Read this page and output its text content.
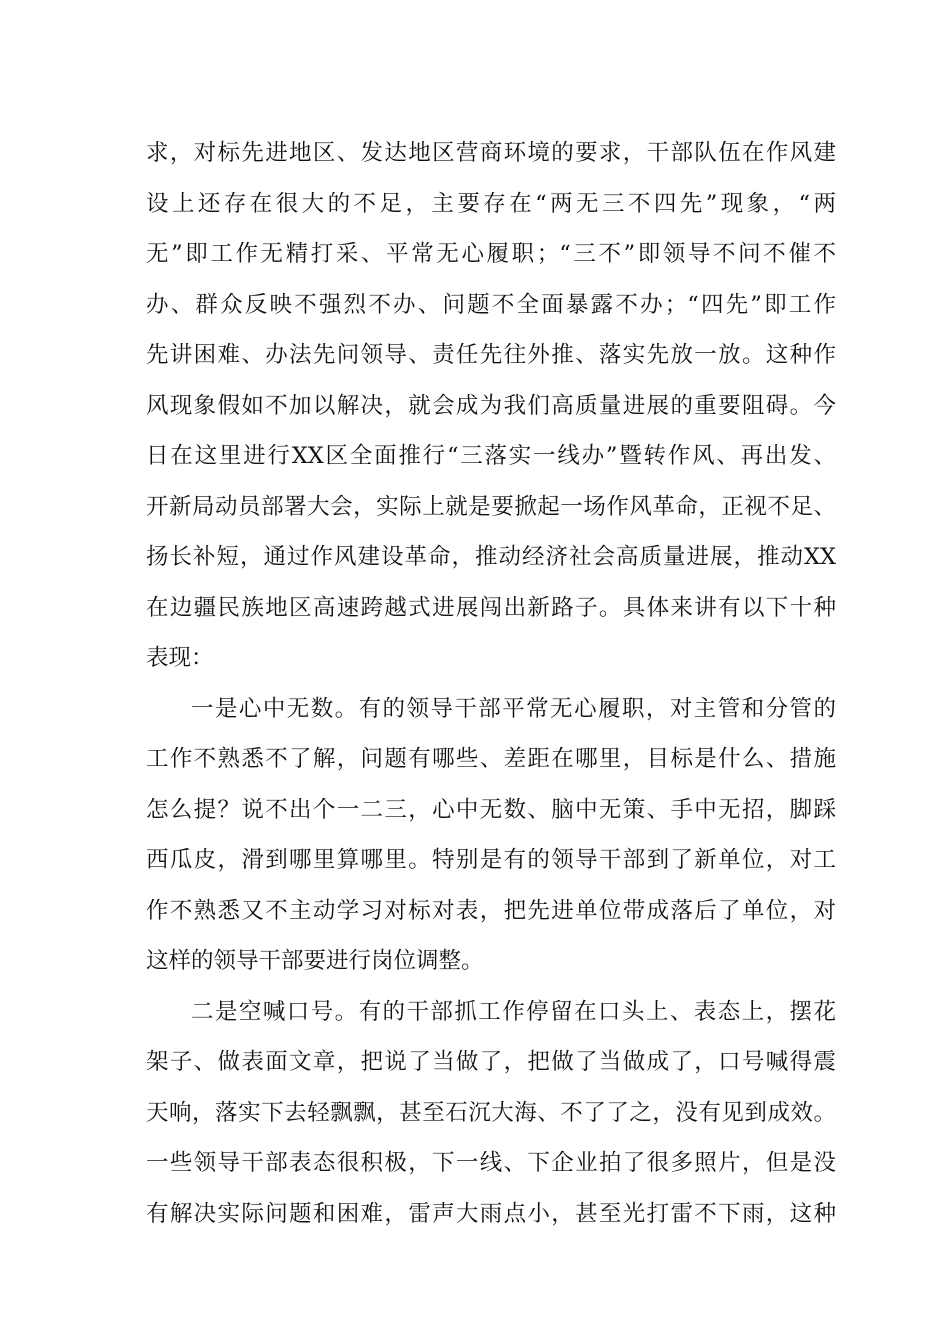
求，对标先进地区、发达地区营商环境的要求，干部队伍在作风建
设上还存在很大的不足，主要存在“两无三不四先”现象，“两
无”即工作无精打采、平常无心履职；“三不”即领导不问不催不
办、群众反映不强烈不办、问题不全面暴露不办；“四先”即工作
先讲困难、办法先问领导、责任先往外推、落实先放一放。这种作
风现象假如不加以解决，就会成为我们高质量进展的重要阻碍。今
日在这里进行XX区全面推行“三落实一线办”暨转作风、再出发、
开新局动员部署大会，实际上就是要掀起一场作风革命，正视不足、
扬长补短，通过作风建设革命，推动经济社会高质量进展，推动XX
在边疆民族地区高速跨越式进展闯出新路子。具体来讲有以下十种
表现：
一是心中无数。有的领导干部平常无心履职，对主管和分管的
工作不熟悉不了解，问题有哪些、差距在哪里，目标是什么、措施
怎么提？说不出个一二三，心中无数、脑中无策、手中无招，脚踩
西瓜皮，滑到哪里算哪里。特别是有的领导干部到了新单位，对工
作不熟悉又不主动学习对标对表，把先进单位带成落后了单位，对
这样的领导干部要进行岗位调整。
二是空喊口号。有的干部抓工作停留在口头上、表态上，摆花
架子、做表面文章，把说了当做了，把做了当做成了，口号喊得震
天响，落实下去轻飘飘，甚至石沉大海、不了了之，没有见到成效。
一些领导干部表态很积极，下一线、下企业拍了很多照片，但是没
有解决实际问题和困难，雷声大雨点小，甚至光打雷不下雨，这种
